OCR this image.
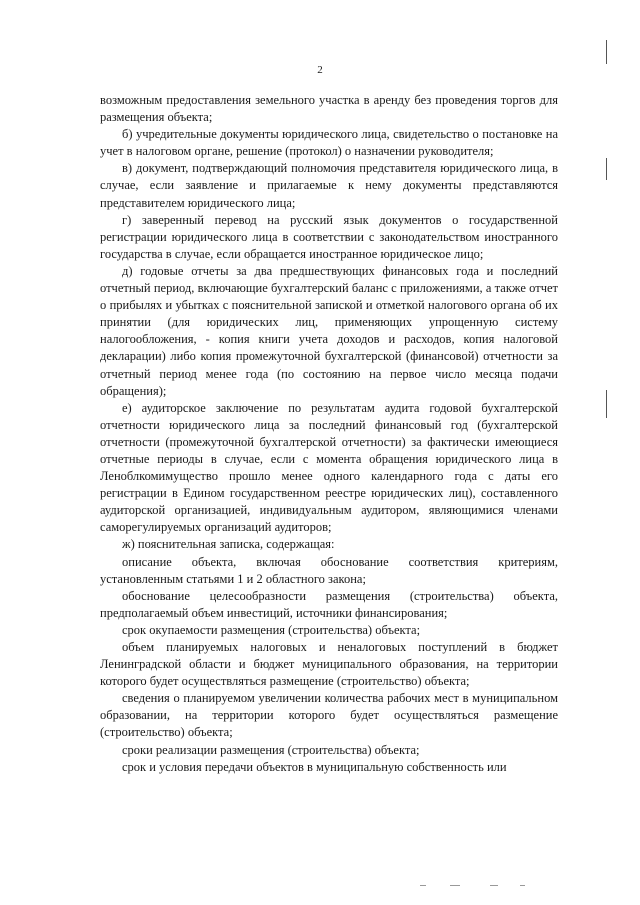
2

возможным предоставления земельного участка в аренду без проведения торгов для размещения объекта;

б) учредительные документы юридического лица, свидетельство о постановке на учет в налоговом органе, решение (протокол) о назначении руководителя;

в) документ, подтверждающий полномочия представителя юридического лица, в случае, если заявление и прилагаемые к нему документы представляются представителем юридического лица;

г) заверенный перевод на русский язык документов о государственной регистрации юридического лица в соответствии с законодательством иностранного государства в случае, если обращается иностранное юридическое лицо;

д) годовые отчеты за два предшествующих финансовых года и последний отчетный период, включающие бухгалтерский баланс с приложениями, а также отчет о прибылях и убытках с пояснительной запиской и отметкой налогового органа об их принятии (для юридических лиц, применяющих упрощенную систему налогообложения, - копия книги учета доходов и расходов, копия налоговой декларации) либо копия промежуточной бухгалтерской (финансовой) отчетности за отчетный период менее года (по состоянию на первое число месяца подачи обращения);

е) аудиторское заключение по результатам аудита годовой бухгалтерской отчетности юридического лица за последний финансовый год (бухгалтерской отчетности (промежуточной бухгалтерской отчетности) за фактически имеющиеся отчетные периоды в случае, если с момента обращения юридического лица в Леноблкомимущество прошло менее одного календарного года с даты его регистрации в Едином государственном реестре юридических лиц), составленного аудиторской организацией, индивидуальным аудитором, являющимися членами саморегулируемых организаций аудиторов;

ж) пояснительная записка, содержащая:

описание объекта, включая обоснование соответствия критериям, установленным статьями 1 и 2 областного закона;

обоснование целесообразности размещения (строительства) объекта, предполагаемый объем инвестиций, источники финансирования;

срок окупаемости размещения (строительства) объекта;

объем планируемых налоговых и неналоговых поступлений в бюджет Ленинградской области и бюджет муниципального образования, на территории которого будет осуществляться размещение (строительство) объекта;

сведения о планируемом увеличении количества рабочих мест в муниципальном образовании, на территории которого будет осуществляться размещение (строительство) объекта;

сроки реализации размещения (строительства) объекта;

срок и условия передачи объектов в муниципальную собственность или
